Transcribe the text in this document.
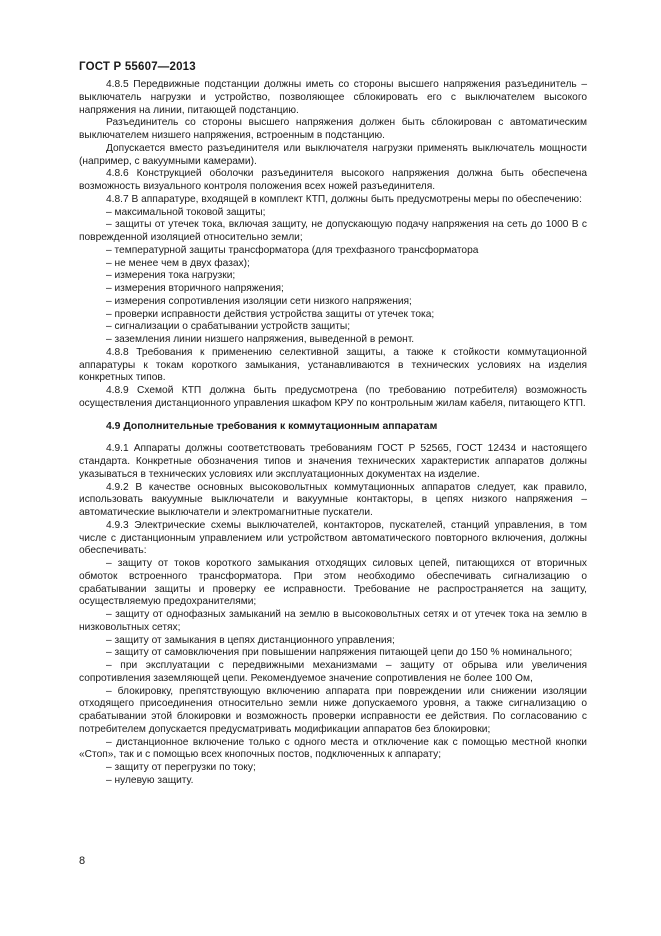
ГОСТ Р 55607—2013

4.8.5 Передвижные подстанции должны иметь со стороны высшего напряжения разъединитель – выключатель нагрузки и устройство, позволяющее сблокировать его с выключателем высокого напряжения на линии, питающей подстанцию.

Разъединитель со стороны высшего напряжения должен быть сблокирован с автоматическим выключателем низшего напряжения, встроенным в подстанцию.

Допускается вместо разъединителя или выключателя нагрузки применять выключатель мощности (например, с вакуумными камерами).

4.8.6 Конструкцией оболочки разъединителя высокого напряжения должна быть обеспечена возможность визуального контроля положения всех ножей разъединителя.

4.8.7 В аппаратуре, входящей в комплект КТП, должны быть предусмотрены меры по обеспечению:

– максимальной токовой защиты;

– защиты от утечек тока, включая защиту, не допускающую подачу напряжения на сеть до 1000 В с поврежденной изоляцией относительно земли;

– температурной защиты трансформатора (для трехфазного трансформатора

– не менее чем в двух фазах);

– измерения тока нагрузки;

– измерения вторичного напряжения;

– измерения сопротивления изоляции сети низкого напряжения;

– проверки исправности действия устройства защиты от утечек тока;

– сигнализации о срабатывании устройств защиты;

– заземления линии низшего напряжения, выведенной в ремонт.

4.8.8 Требования к применению селективной защиты, а также к стойкости коммутационной аппаратуры к токам короткого замыкания, устанавливаются в технических условиях на изделия конкретных типов.

4.8.9 Схемой КТП должна быть предусмотрена (по требованию потребителя) возможность осуществления дистанционного управления шкафом КРУ по контрольным жилам кабеля, питающего КТП.

4.9 Дополнительные требования к коммутационным аппаратам

4.9.1 Аппараты должны соответствовать требованиям ГОСТ Р 52565, ГОСТ 12434 и настоящего стандарта. Конкретные обозначения типов и значения технических характеристик аппаратов должны указываться в технических условиях или эксплуатационных документах на изделие.

4.9.2 В качестве основных высоковольтных коммутационных аппаратов следует, как правило, использовать вакуумные выключатели и вакуумные контакторы, в цепях низкого напряжения – автоматические выключатели и электромагнитные пускатели.

4.9.3 Электрические схемы выключателей, контакторов, пускателей, станций управления, в том числе с дистанционным управлением или устройством автоматического повторного включения, должны обеспечивать:

– защиту от токов короткого замыкания отходящих силовых цепей, питающихся от вторичных обмоток встроенного трансформатора. При этом необходимо обеспечивать сигнализацию о срабатывании защиты и проверку ее исправности. Требование не распространяется на защиту, осуществляемую предохранителями;

– защиту от однофазных замыканий на землю в высоковольтных сетях и от утечек тока на землю в низковольтных сетях;

– защиту от замыкания в цепях дистанционного управления;

– защиту от самовключения при повышении напряжения питающей цепи до 150 % номинального;

– при эксплуатации с передвижными механизмами – защиту от обрыва или увеличения сопротивления заземляющей цепи. Рекомендуемое значение сопротивления не более 100 Ом,

– блокировку, препятствующую включению аппарата при повреждении или снижении изоляции отходящего присоединения относительно земли ниже допускаемого уровня, а также сигнализацию о срабатывании этой блокировки и возможность проверки исправности ее действия. По согласованию с потребителем допускается предусматривать модификации аппаратов без блокировки;

– дистанционное включение только с одного места и отключение как с помощью местной кнопки «Стоп», так и с помощью всех кнопочных постов, подключенных к аппарату;

– защиту от перегрузки по току;

– нулевую защиту.

8
